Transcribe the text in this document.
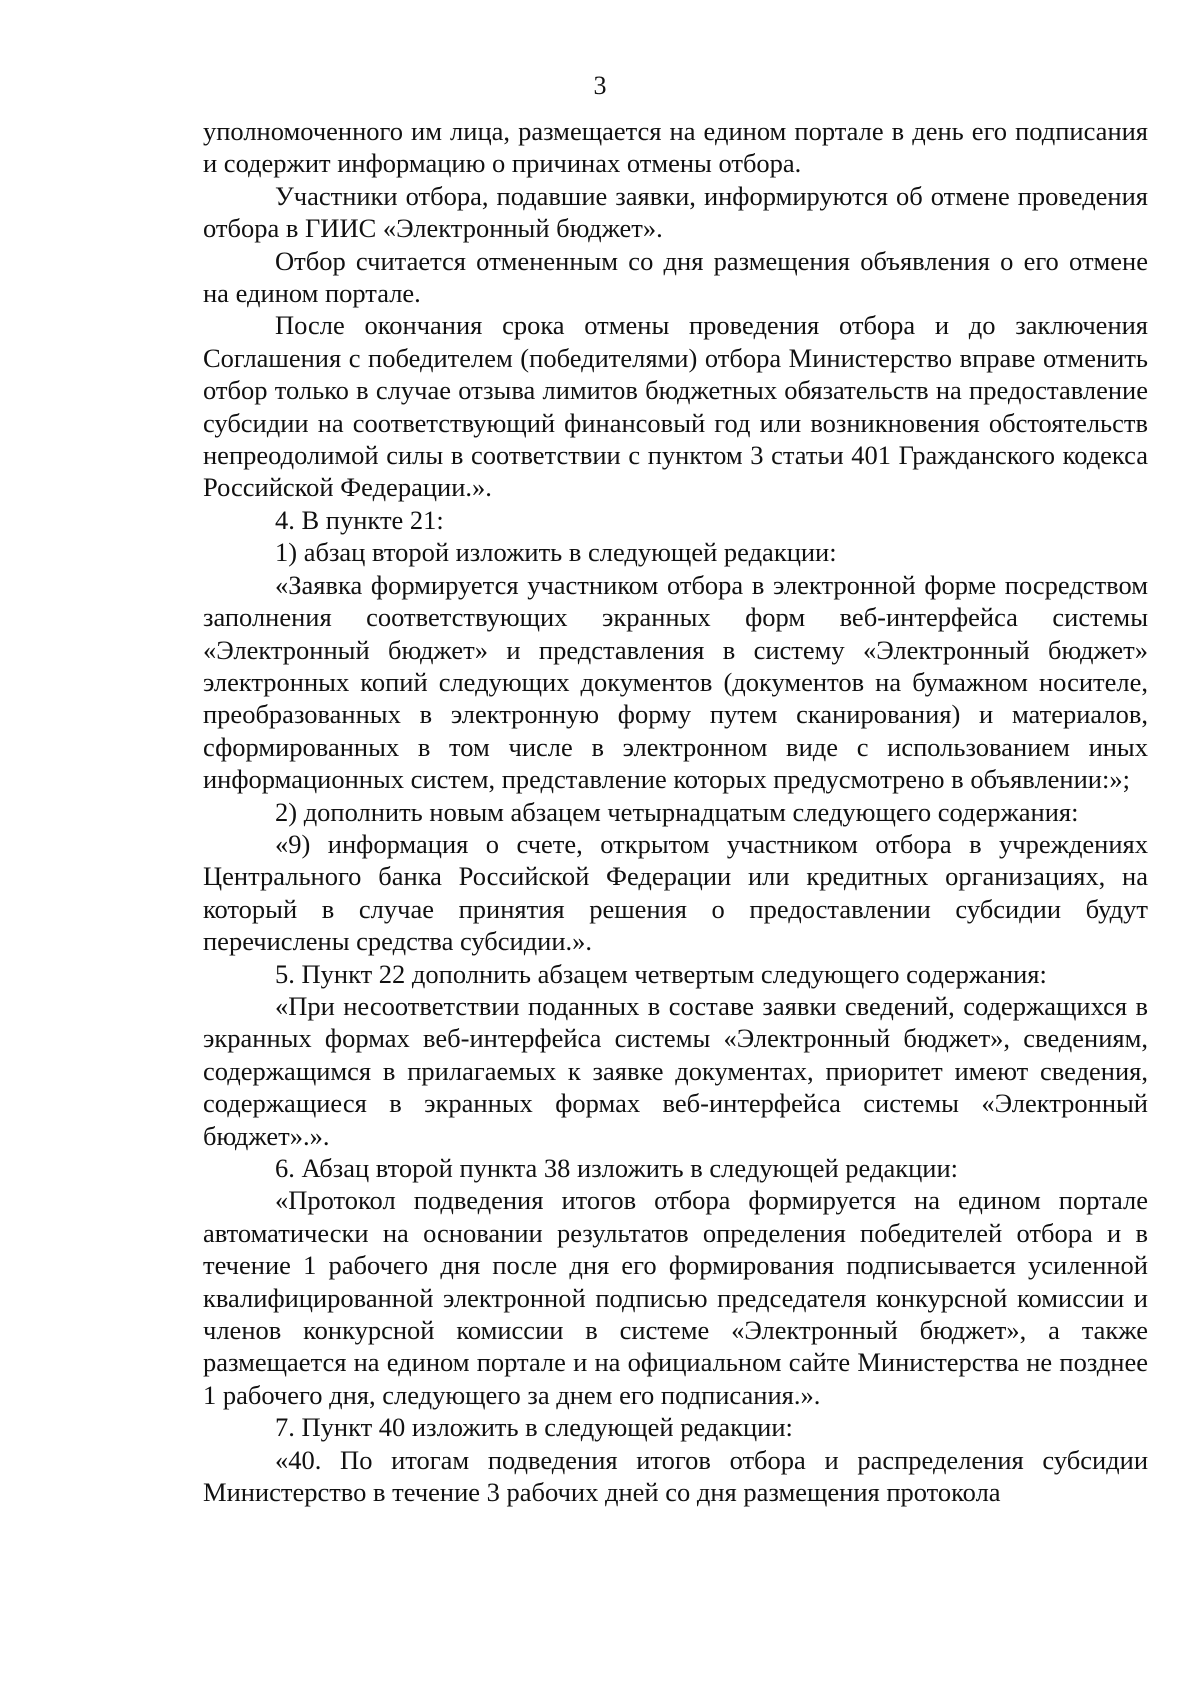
3

уполномоченного им лица, размещается на едином портале в день его подписания и содержит информацию о причинах отмены отбора.

Участники отбора, подавшие заявки, информируются об отмене проведения отбора в ГИИС «Электронный бюджет».

Отбор считается отмененным со дня размещения объявления о его отмене на едином портале.

После окончания срока отмены проведения отбора и до заключения Соглашения с победителем (победителями) отбора Министерство вправе отменить отбор только в случае отзыва лимитов бюджетных обязательств на предоставление субсидии на соответствующий финансовый год или возникновения обстоятельств непреодолимой силы в соответствии с пунктом 3 статьи 401 Гражданского кодекса Российской Федерации.».

4. В пункте 21:

1) абзац второй изложить в следующей редакции:

«Заявка формируется участником отбора в электронной форме посредством заполнения соответствующих экранных форм веб-интерфейса системы «Электронный бюджет» и представления в систему «Электронный бюджет» электронных копий следующих документов (документов на бумажном носителе, преобразованных в электронную форму путем сканирования) и материалов, сформированных в том числе в электронном виде с использованием иных информационных систем, представление которых предусмотрено в объявлении:»;

2) дополнить новым абзацем четырнадцатым следующего содержания:

«9) информация о счете, открытом участником отбора в учреждениях Центрального банка Российской Федерации или кредитных организациях, на который в случае принятия решения о предоставлении субсидии будут перечислены средства субсидии.».

5. Пункт 22 дополнить абзацем четвертым следующего содержания:

«При несоответствии поданных в составе заявки сведений, содержащихся в экранных формах веб-интерфейса системы «Электронный бюджет», сведениям, содержащимся в прилагаемых к заявке документах, приоритет имеют сведения, содержащиеся в экранных формах веб-интерфейса системы «Электронный бюджет».».

6. Абзац второй пункта 38 изложить в следующей редакции:

«Протокол подведения итогов отбора формируется на едином портале автоматически на основании результатов определения победителей отбора и в течение 1 рабочего дня после дня его формирования подписывается усиленной квалифицированной электронной подписью председателя конкурсной комиссии и членов конкурсной комиссии в системе «Электронный бюджет», а также размещается на едином портале и на официальном сайте Министерства не позднее 1 рабочего дня, следующего за днем его подписания.».

7. Пункт 40 изложить в следующей редакции:

«40. По итогам подведения итогов отбора и распределения субсидии Министерство в течение 3 рабочих дней со дня размещения протокола
